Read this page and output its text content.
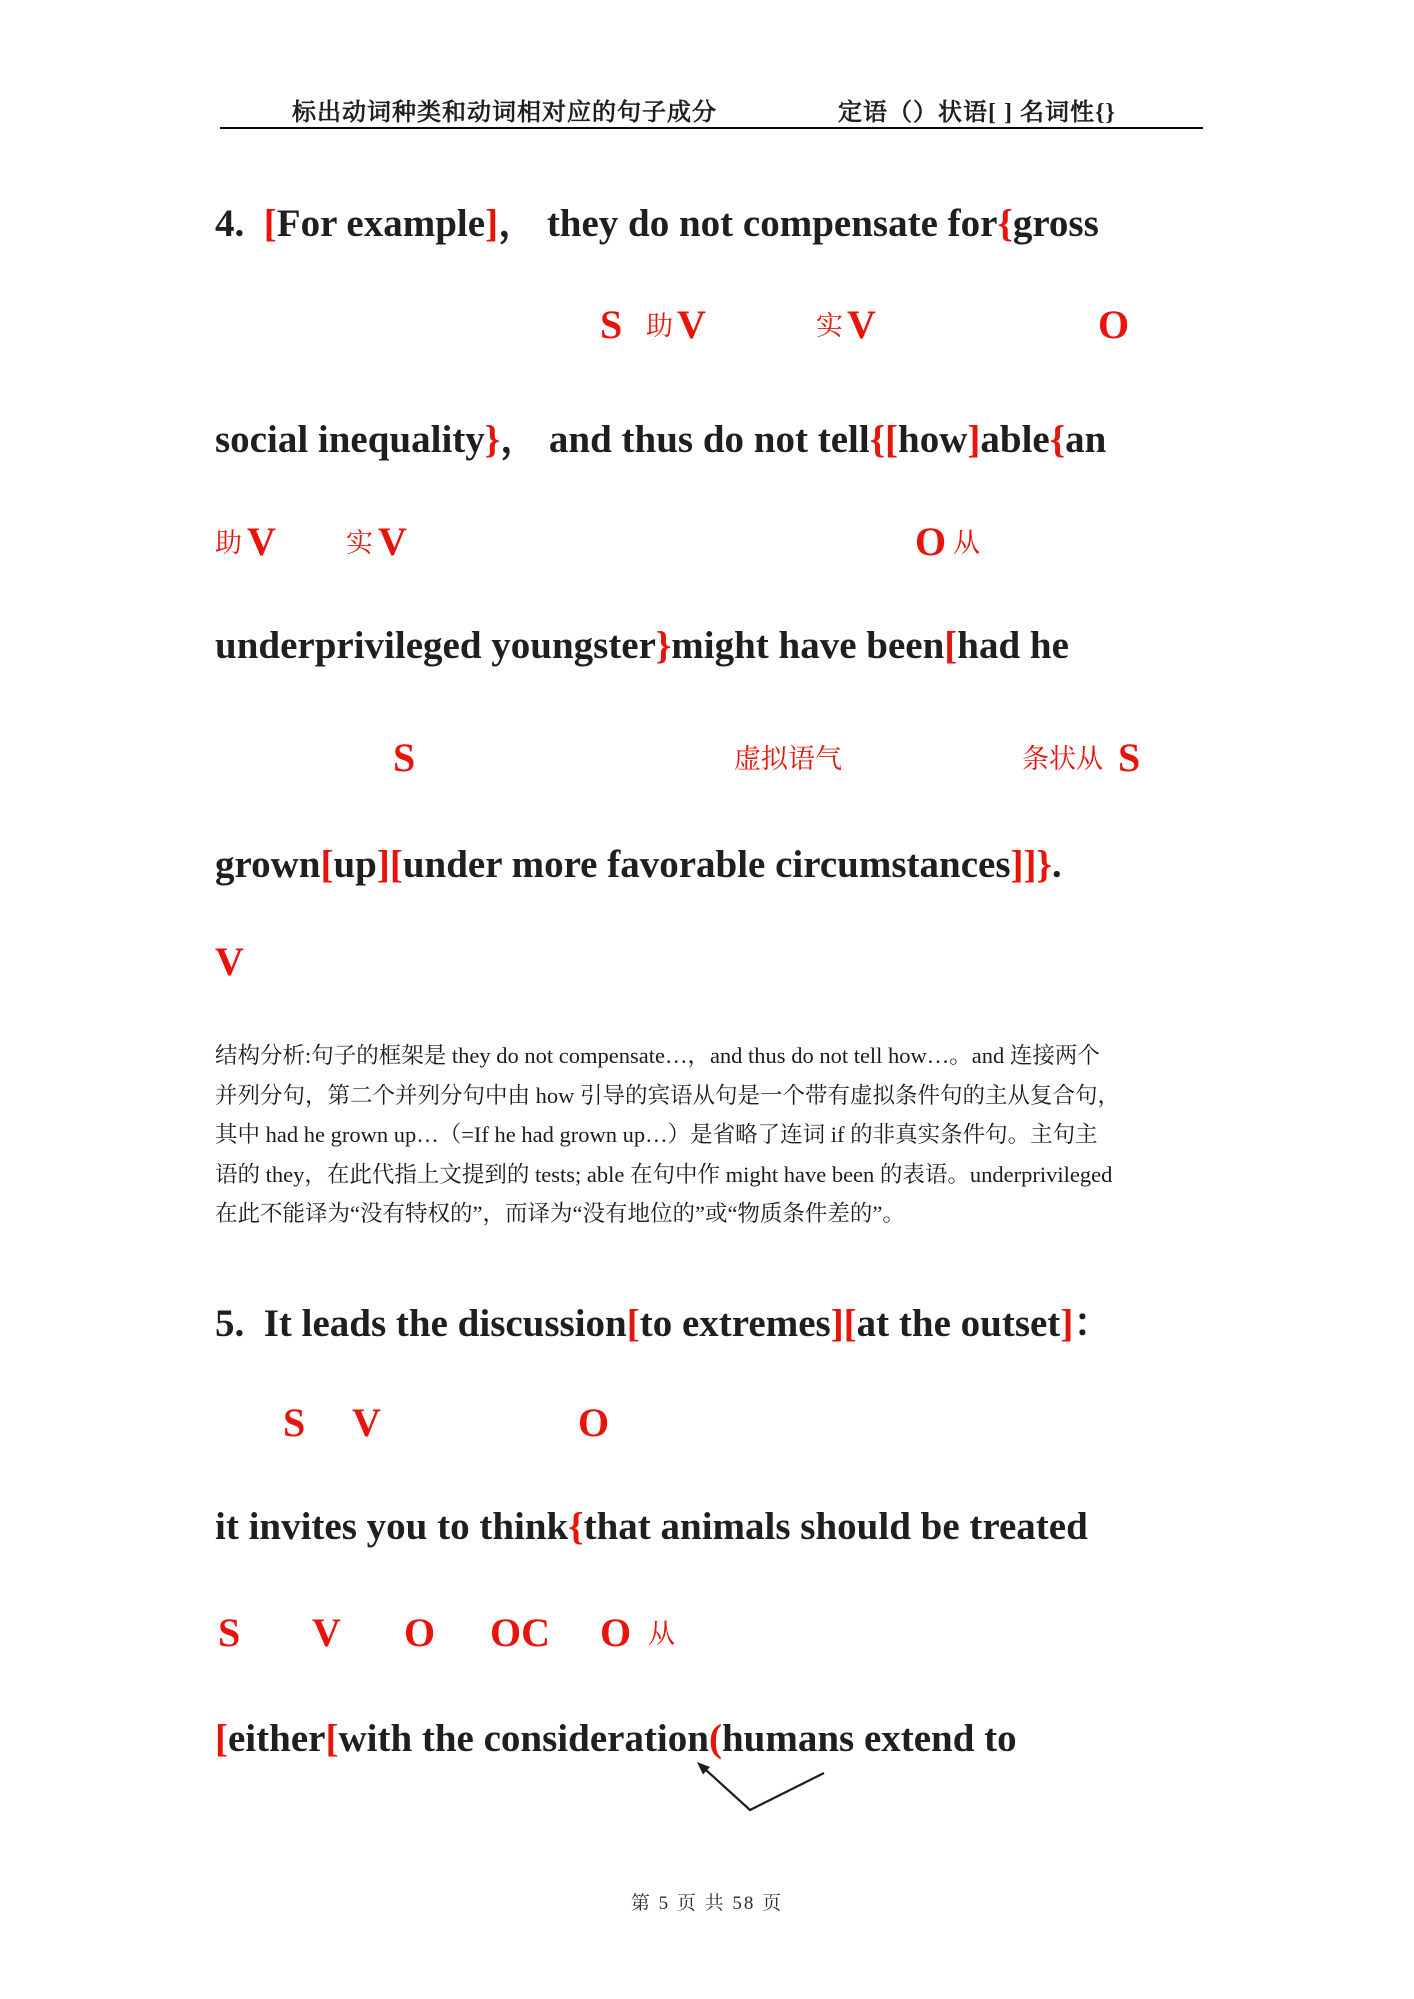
标出动词种类和动词相对应的句子成分	定语（）状语[ ] 名词性{}
4.  [For example]， they do not compensate for{gross
S 助 V	实 V	O
social inequality}， and thus do not tell{[how]able{an
助 V	实 V	O 从
underprivileged youngster}might have been[had he
S	虚拟语气	条状从 S
grown[up][under more favorable circumstances]]}.
V
5.  It leads the discussion[to extremes][at the outset]：
S V	O
it invites you to think{that animals should be treated
S V O OC O 从
[either[with the consideration(humans extend to
结构分析:句子的框架是 they do not compensate…，and thus do not tell how…。and 连接两个
并列分句，第二个并列分句中由 how 引导的宾语从句是一个带有虚拟条件句的主从复合句，
其中 had he grown up…（=If he had grown up…）是省略了连词 if 的非真实条件句。主句主
语的 they，在此代指上文提到的 tests; able 在句中作 might have been 的表语。underprivileged
在此不能译为“没有特权的”，而译为“没有地位的”或“物质条件差的”。
第 5 页 共 58 页
